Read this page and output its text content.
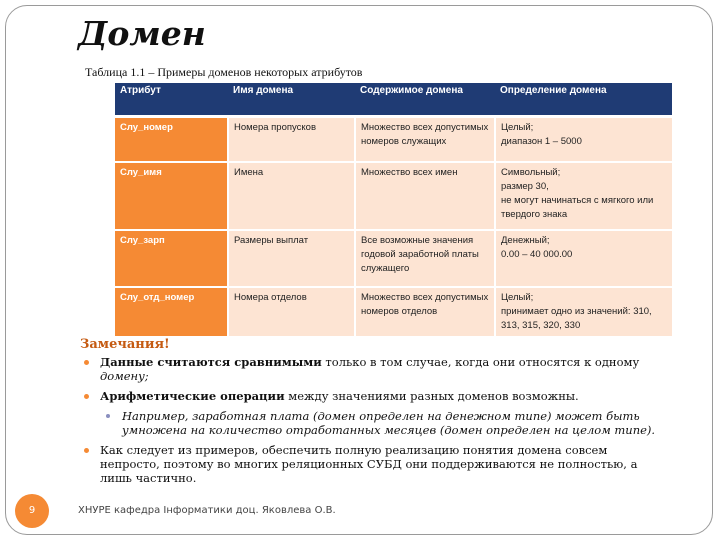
Домен
Таблица 1.1 – Примеры доменов некоторых атрибутов
Атрибут	Имя домена	Содержимое домена	Определение домена
Слу_номер	Номера пропусков	Множество всех допустимых номеров служащих	Целый;
диапазон 1 – 5000
Слу_имя	Имена	Множество всех имен	Символьный;
размер 30,
не могут начинаться с мягкого или твердого знака
Слу_зарп	Размеры выплат	Все возможные значения годовой заработной платы служащего	Денежный;
0.00 – 40 000.00
Слу_отд_номер	Номера отделов	Множество всех допустимых номеров отделов	Целый;
принимает одно из значений: 310, 313, 315, 320, 330
Замечания!
Данные считаются сравнимыми только в том случае, когда они относятся к одному домену;
Арифметические операции между значениями разных доменов возможны.
Например, заработная плата (домен определен на денежном типе) может быть умножена на количество отработанных месяцев (домен определен на целом типе).
Как следует из примеров, обеспечить полную реализацию понятия домена совсем непросто, поэтому во многих реляционных СУБД они поддерживаются не полностью, а лишь частично.
9	ХНУРЕ кафедра Інформатики доц. Яковлева О.В.
